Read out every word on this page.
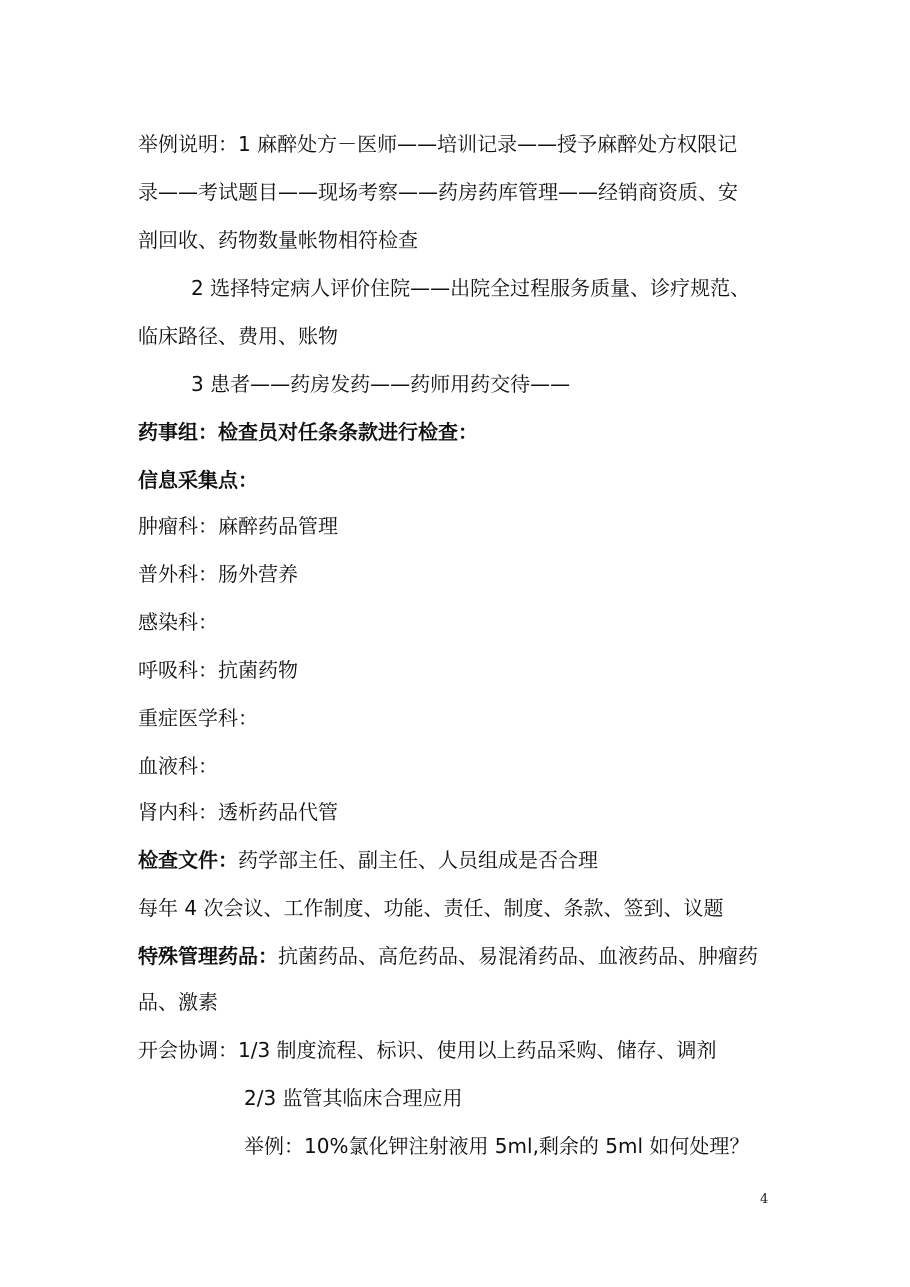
举例说明：1 麻醉处方－医师——培训记录——授予麻醉处方权限记
录——考试题目——现场考察——药房药库管理——经销商资质、安
剖回收、药物数量帐物相符检查
2 选择特定病人评价住院——出院全过程服务质量、诊疗规范、
临床路径、费用、账物
3 患者——药房发药——药师用药交待——
药事组：检查员对任条条款进行检查：
信息采集点：
肿瘤科：麻醉药品管理
普外科：肠外营养
感染科：
呼吸科：抗菌药物
重症医学科：
血液科：
肾内科：透析药品代管
检查文件：药学部主任、副主任、人员组成是否合理
每年 4 次会议、工作制度、功能、责任、制度、条款、签到、议题
特殊管理药品：抗菌药品、高危药品、易混淆药品、血液药品、肿瘤药
品、激素
开会协调：1/3 制度流程、标识、使用以上药品采购、储存、调剂
2/3 监管其临床合理应用
举例：10%氯化钾注射液用 5ml,剩余的 5ml 如何处理？
4
